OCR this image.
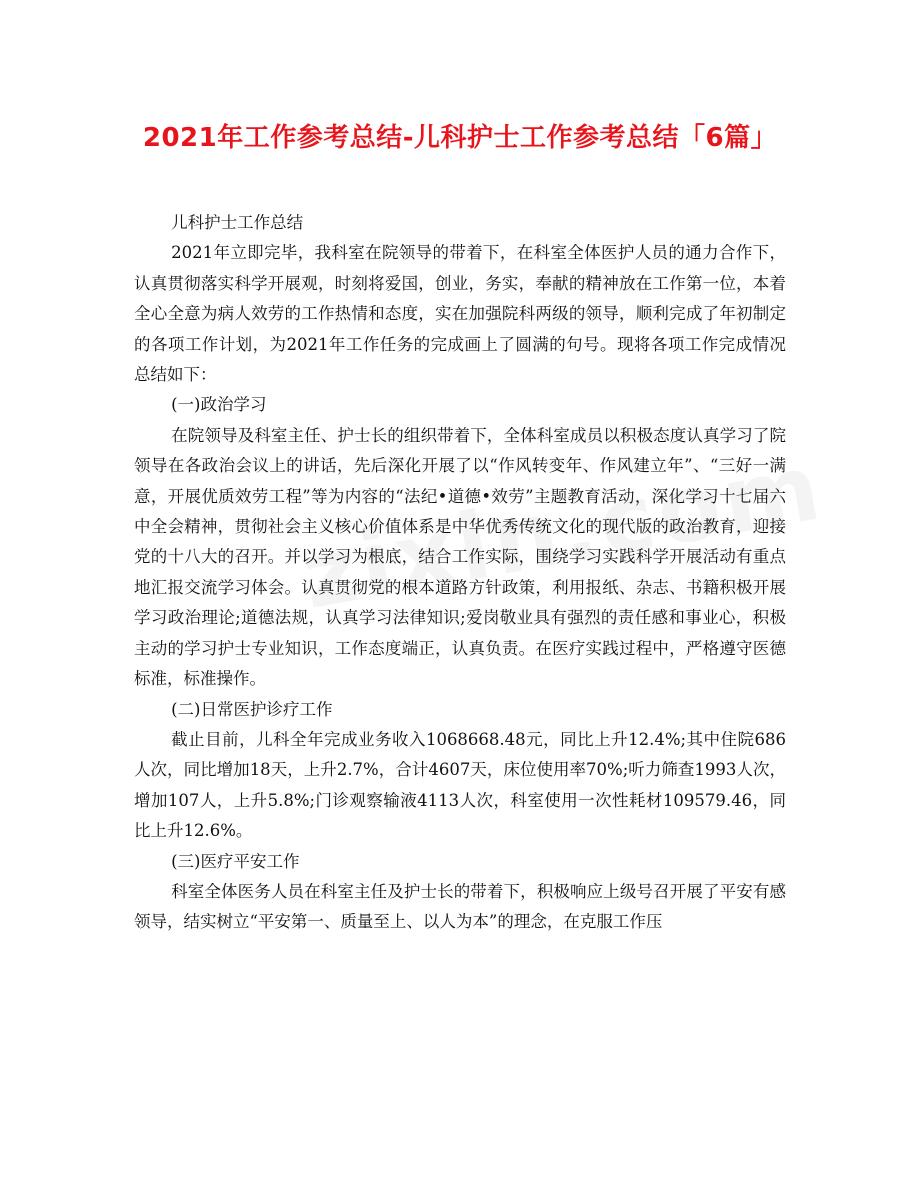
2021年工作参考总结-儿科护士工作参考总结「6篇」

儿科护士工作总结

2021年立即完毕，我科室在院领导的带着下，在科室全体医护人员的通力合作下，认真贯彻落实科学开展观，时刻将爱国，创业，务实，奉献的精神放在工作第一位，本着全心全意为病人效劳的工作热情和态度，实在加强院科两级的领导，顺利完成了年初制定的各项工作计划，为2021年工作任务的完成画上了圆满的句号。现将各项工作完成情况总结如下：

(一)政治学习

在院领导及科室主任、护士长的组织带着下，全体科室成员以积极态度认真学习了院领导在各政治会议上的讲话，先后深化开展了以“作风转变年、作风建立年”、“三好一满意，开展优质效劳工程”等为内容的“法纪•道德•效劳”主题教育活动，深化学习十七届六中全会精神，贯彻社会主义核心价值体系是中华优秀传统文化的现代版的政治教育，迎接党的十八大的召开。并以学习为根底，结合工作实际，围绕学习实践科学开展活动有重点地汇报交流学习体会。认真贯彻党的根本道路方针政策，利用报纸、杂志、书籍积极开展学习政治理论;道德法规，认真学习法律知识;爱岗敬业具有强烈的责任感和事业心，积极主动的学习护士专业知识，工作态度端正，认真负责。在医疗实践过程中，严格遵守医德标准，标准操作。

(二)日常医护诊疗工作

截止目前，儿科全年完成业务收入1068668.48元，同比上升12.4%;其中住院686人次，同比增加18天，上升2.7%，合计4607天，床位使用率70%;听力筛查1993人次，增加107人，上升5.8%;门诊观察输液4113人次，科室使用一次性耗材109579.46，同比上升12.6%。

(三)医疗平安工作

科室全体医务人员在科室主任及护士长的带着下，积极响应上级号召开展了平安有感领导，结实树立“平安第一、质量至上、以人为本”的理念，在克服工作压
